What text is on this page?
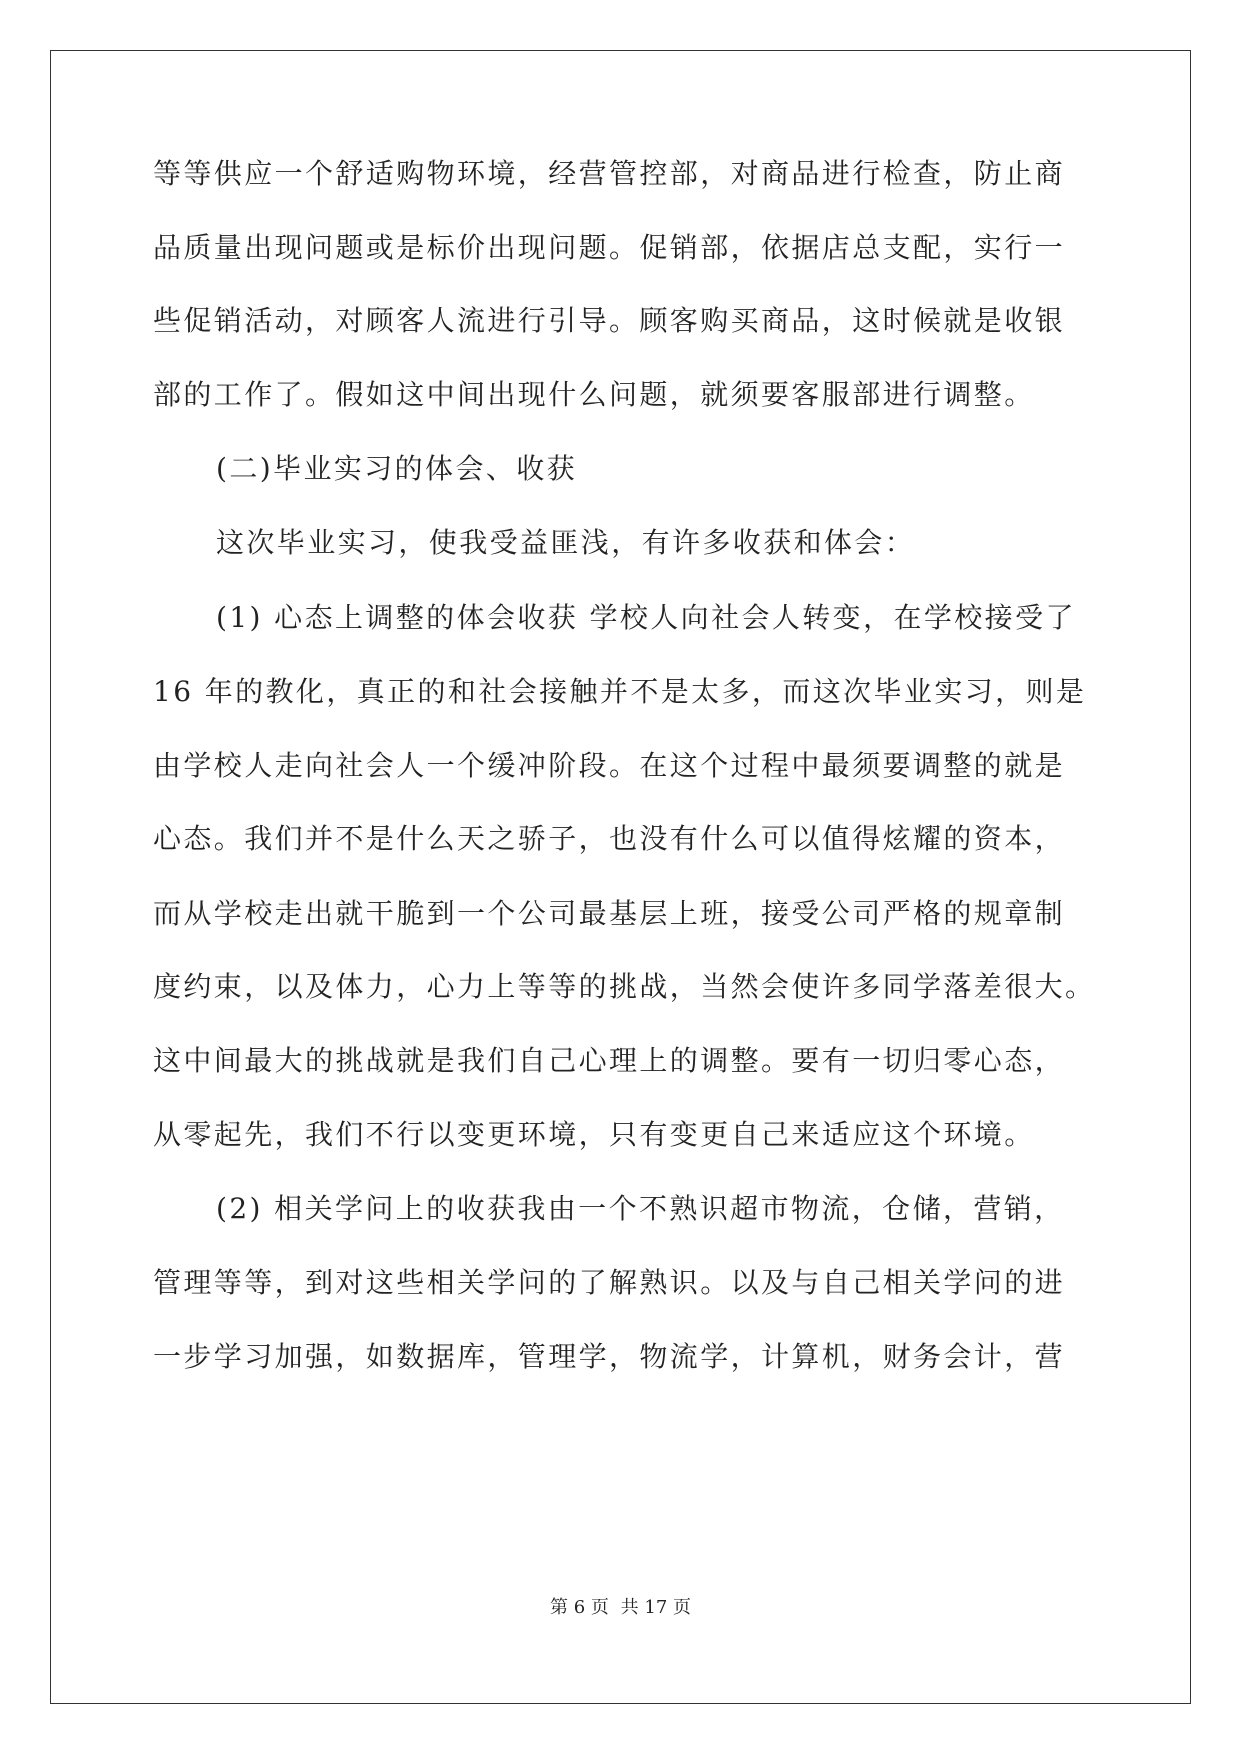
等等供应一个舒适购物环境，经营管控部，对商品进行检查，防止商
品质量出现问题或是标价出现问题。促销部，依据店总支配，实行一
些促销活动，对顾客人流进行引导。顾客购买商品，这时候就是收银
部的工作了。假如这中间出现什么问题，就须要客服部进行调整。
(二)毕业实习的体会、收获
这次毕业实习，使我受益匪浅，有许多收获和体会：
(1) 心态上调整的体会收获 学校人向社会人转变，在学校接受了
16 年的教化，真正的和社会接触并不是太多，而这次毕业实习，则是
由学校人走向社会人一个缓冲阶段。在这个过程中最须要调整的就是
心态。我们并不是什么天之骄子，也没有什么可以值得炫耀的资本，
而从学校走出就干脆到一个公司最基层上班，接受公司严格的规章制
度约束，以及体力，心力上等等的挑战，当然会使许多同学落差很大。
这中间最大的挑战就是我们自己心理上的调整。要有一切归零心态，
从零起先，我们不行以变更环境，只有变更自己来适应这个环境。
(2) 相关学问上的收获我由一个不熟识超市物流，仓储，营销，
管理等等，到对这些相关学问的了解熟识。以及与自己相关学问的进
一步学习加强，如数据库，管理学，物流学，计算机，财务会计，营
第 6 页 共 17 页
